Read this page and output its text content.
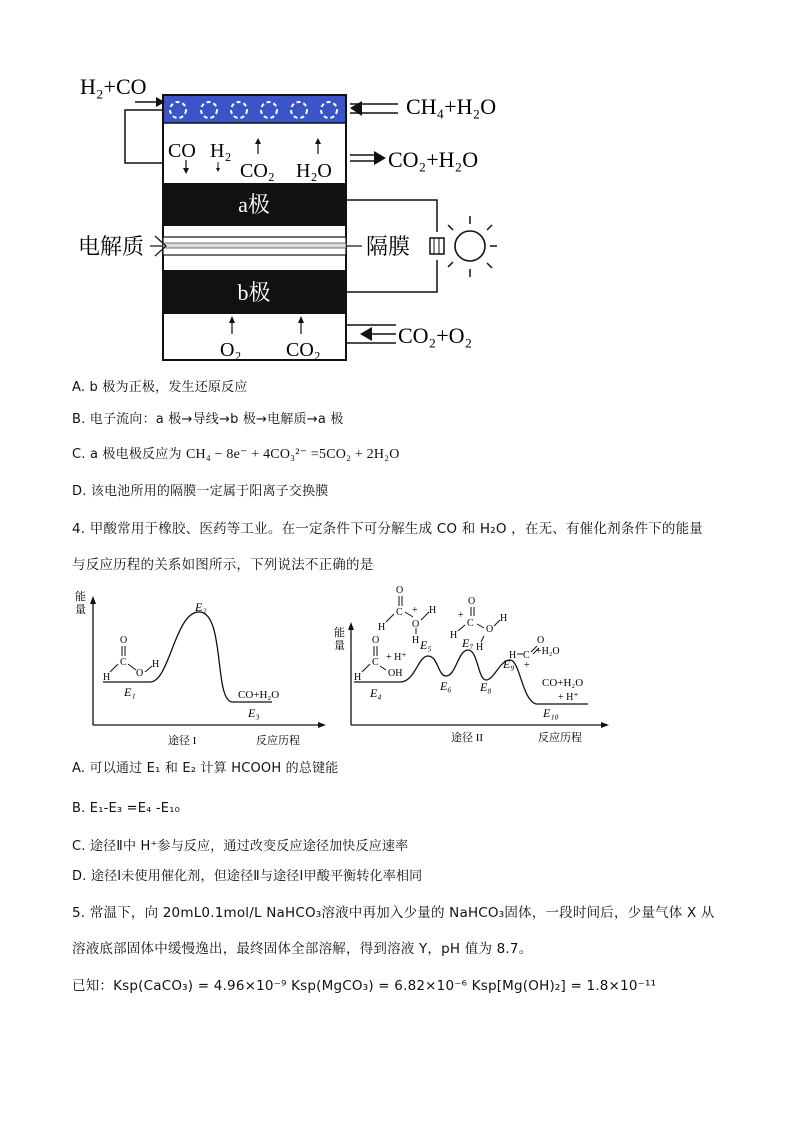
H₂+CO
CH₄+H₂O
CO H₂
CO₂ H₂O	CO₂+H₂O
a极
电解质	隔膜
b极
O₂ CO₂
CO₂+O₂
A. b 极为正极，发生还原反应
B. 电子流向：a 极→导线→b 极→电解质→a 极
C. a 极电极反应为 CH₄ − 8e⁻ + 4CO₃²⁻ =5CO₂ + 2H₂O
D. 该电池所用的隔膜一定属于阳离子交换膜
4. 甲酸常用于橡胶、医药等工业。在一定条件下可分解生成 CO 和 H₂O ，在无、有催化剂条件下的能量
与反应历程的关系如图所示，下列说法不正确的是
能
量
O
C
H	O
H
E₁
E₂
CO+H₂O
E₃
途径 I	反应历程
能
量	O
C
H	OH
+ H⁺
O
C
H
+
O
H
H
O
+
C
H
O
H
H
H C
O
+
+H₂O
E₄
E₅
E₆
E₇
E₈
E₉
CO+H₂O
+ H⁺
E₁₀
途径 II	反应历程
A. 可以通过 E₁ 和 E₂ 计算 HCOOH 的总键能
B. E₁-E₃ =E₄ -E₁₀
C. 途径Ⅱ中 H⁺参与反应，通过改变反应途径加快反应速率
D. 途径Ⅰ未使用催化剂，但途径Ⅱ与途径Ⅰ甲酸平衡转化率相同
5. 常温下，向 20mL0.1mol/L NaHCO₃溶液中再加入少量的 NaHCO₃固体，一段时间后，少量气体 X 从
溶液底部固体中缓慢逸出，最终固体全部溶解，得到溶液 Y，pH 值为 8.7。
已知：Ksp(CaCO₃) = 4.96×10⁻⁹ Ksp(MgCO₃) = 6.82×10⁻⁶ Ksp[Mg(OH)₂] = 1.8×10⁻¹¹
